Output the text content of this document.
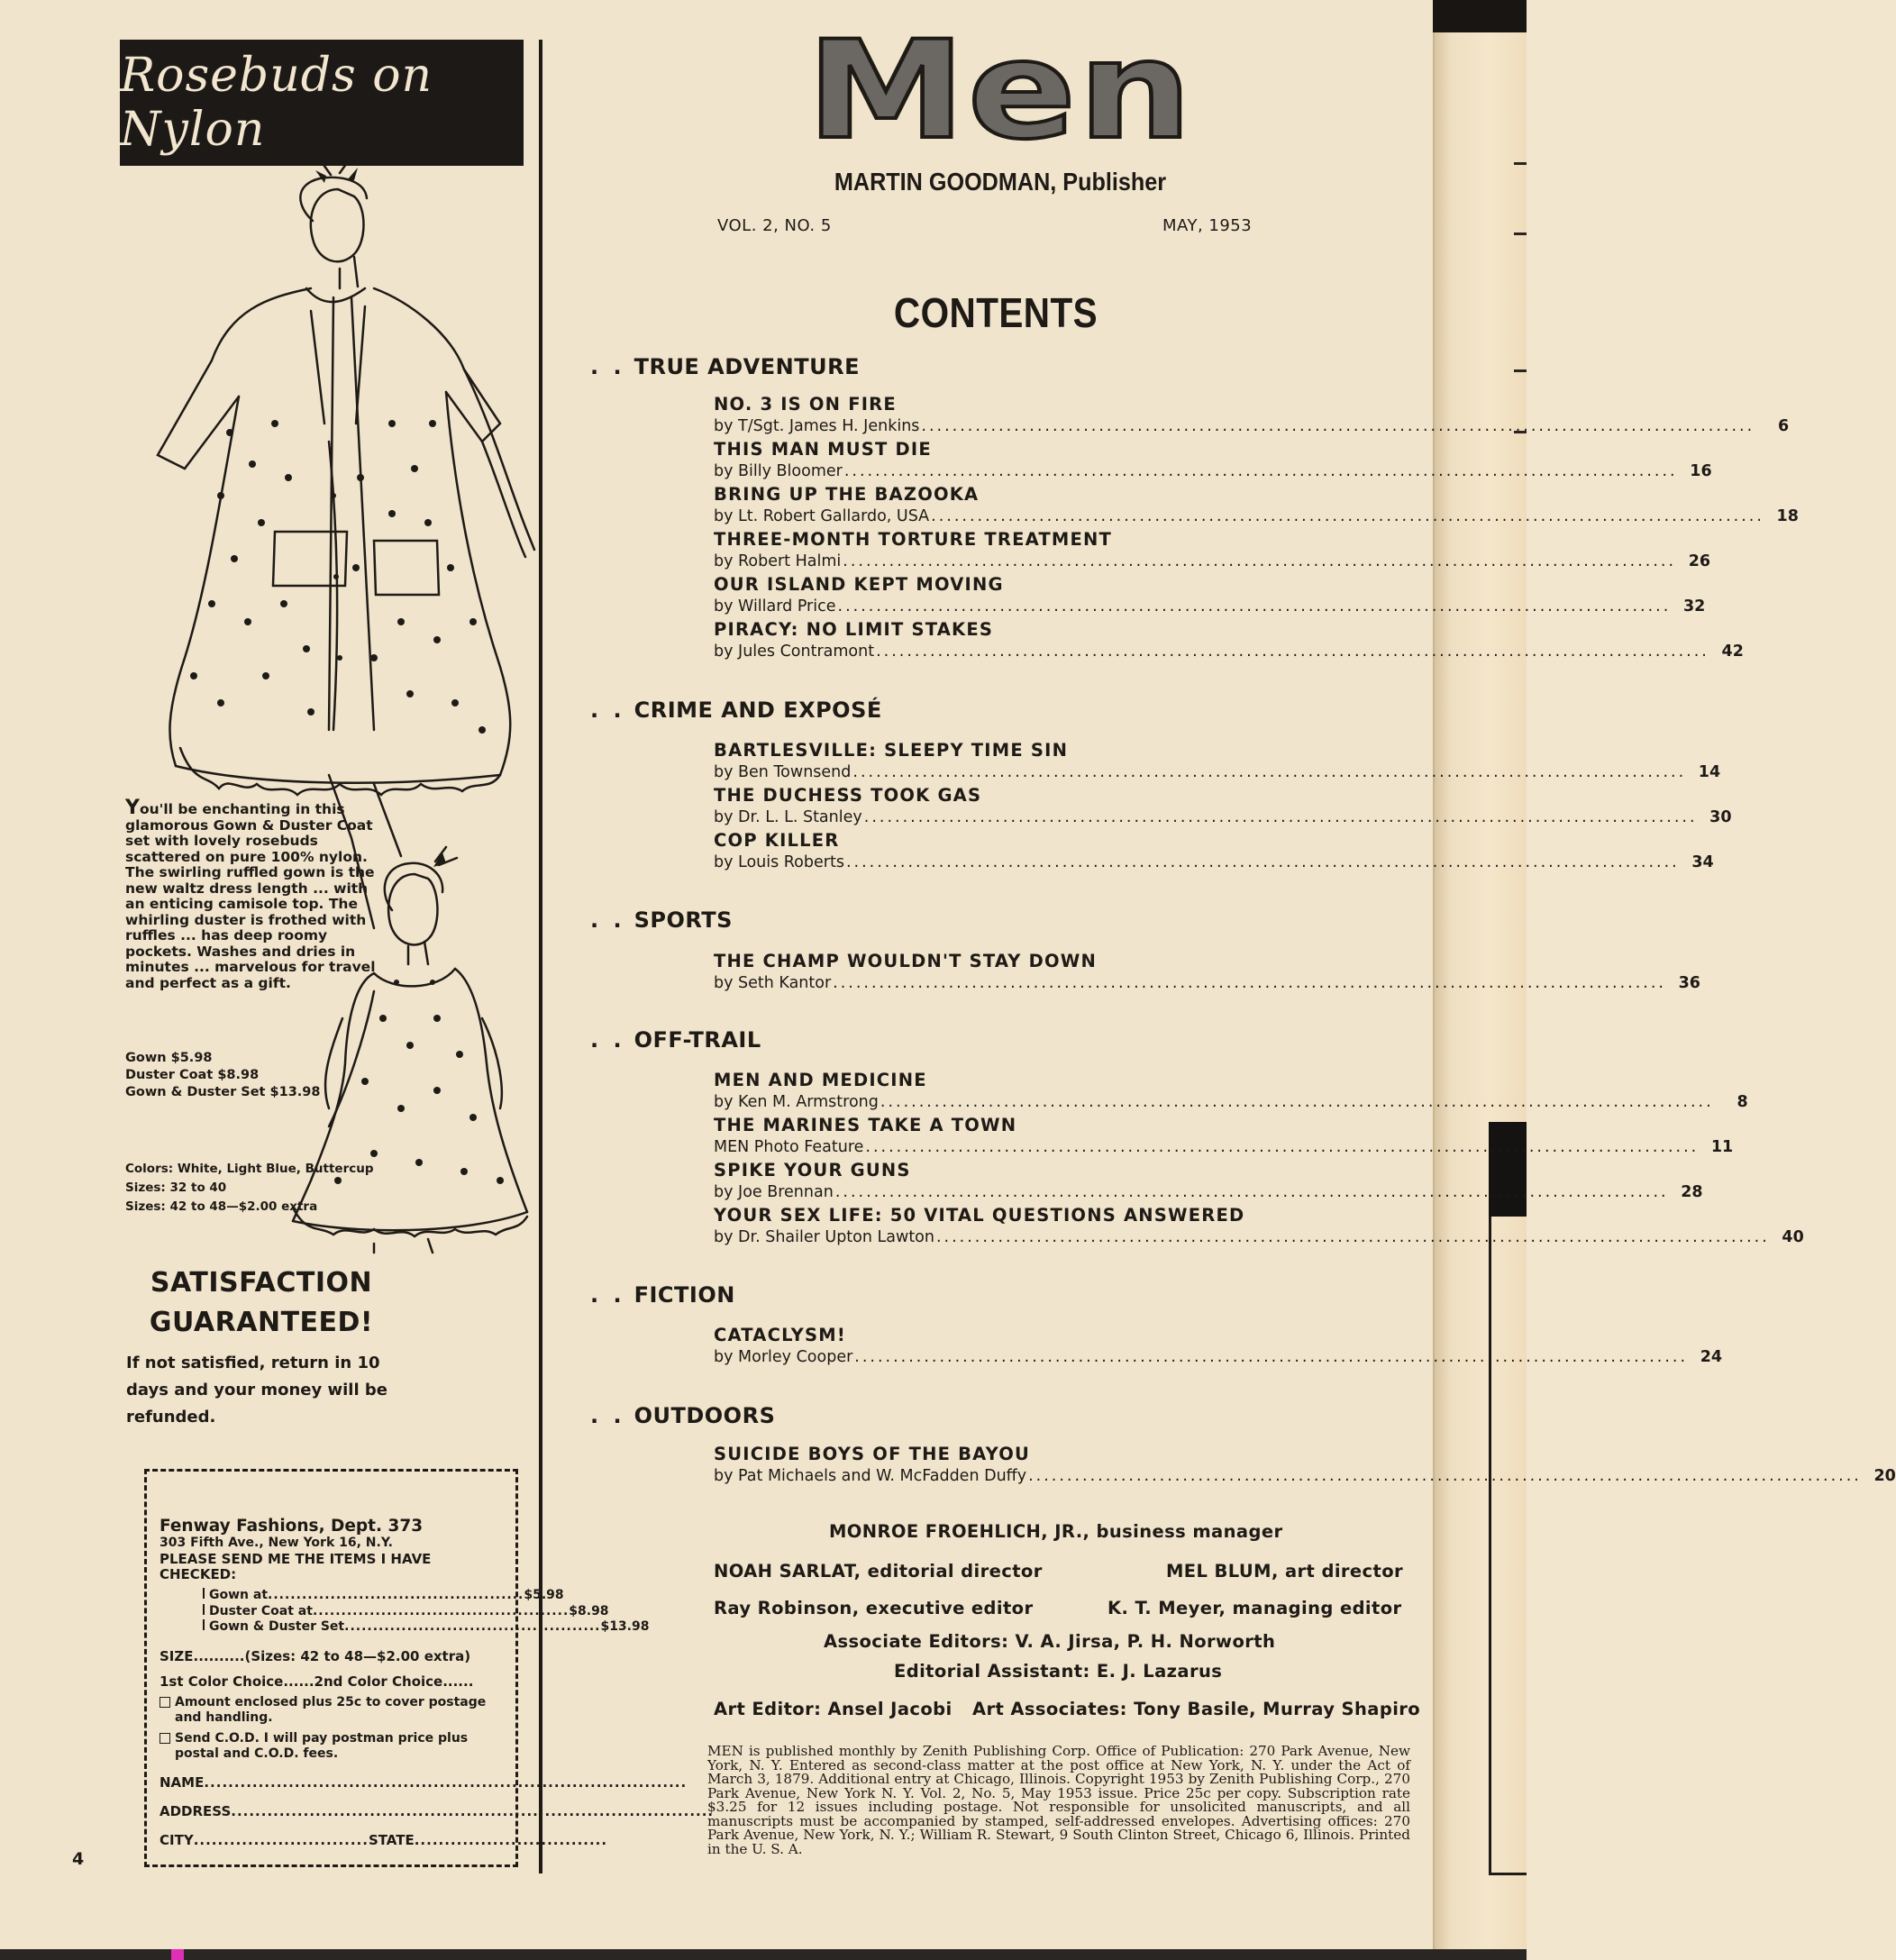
Rosebuds on Nylon
You'll be enchanting in this glamorous Gown & Duster Coat set with lovely rosebuds scattered on pure 100% nylon. The swirling ruffled gown is the new waltz dress length ... with an enticing camisole top. The whirling duster is frothed with ruffles ... has deep roomy pockets. Washes and dries in minutes ... marvelous for travel and perfect as a gift.
Gown $5.98
Duster Coat $8.98
Gown & Duster Set $13.98
Colors: White, Light Blue, Buttercup
Sizes: 32 to 40
Sizes: 42 to 48—$2.00 extra
SATISFACTION
GUARANTEED!
If not satisfied, return in 10 days and your money will be refunded.
Fenway Fashions, Dept. 373
303 Fifth Ave., New York 16, N.Y.
PLEASE SEND ME THE ITEMS I HAVE CHECKED:
Gown at ............................................. $5.98
Duster Coat at ............................................. $8.98
Gown & Duster Set ............................................. $13.98
SIZE..........(Sizes: 42 to 48—$2.00 extra)
1st Color Choice......2nd Color Choice......
Amount enclosed plus 25c to cover postage and handling.
Send C.O.D. I will pay postman price plus postal and C.O.D. fees.
NAME ................................................................................
ADDRESS ................................................................................
CITY ............................. STATE ................................
4
Men
MARTIN GOODMAN, Publisher
VOL. 2, NO. 5	MAY, 1953
CONTENTS
. . TRUE ADVENTURE
NO. 3 IS ON FIRE
by T/Sgt. James H. Jenkins ............................................................................................................	6
THIS MAN MUST DIE
by Billy Bloomer ............................................................................................................ 16
BRING UP THE BAZOOKA
by Lt. Robert Gallardo, USA ............................................................................................................ 18
THREE-MONTH TORTURE TREATMENT
by Robert Halmi ............................................................................................................ 26
OUR ISLAND KEPT MOVING
by Willard Price ............................................................................................................ 32
PIRACY: NO LIMIT STAKES
by Jules Contramont ............................................................................................................ 42
. . CRIME AND EXPOSÉ
BARTLESVILLE: SLEEPY TIME SIN
by Ben Townsend ............................................................................................................ 14
THE DUCHESS TOOK GAS
by Dr. L. L. Stanley ............................................................................................................ 30
COP KILLER
by Louis Roberts ............................................................................................................ 34
. . SPORTS
THE CHAMP WOULDN'T STAY DOWN
by Seth Kantor ............................................................................................................ 36
. . OFF-TRAIL
MEN AND MEDICINE
by Ken M. Armstrong ............................................................................................................	8
THE MARINES TAKE A TOWN
MEN Photo Feature ............................................................................................................ 11
SPIKE YOUR GUNS
by Joe Brennan ............................................................................................................ 28
YOUR SEX LIFE: 50 VITAL QUESTIONS ANSWERED
by Dr. Shailer Upton Lawton ............................................................................................................ 40
. . FICTION
CATACLYSM!
by Morley Cooper ............................................................................................................ 24
. . OUTDOORS
SUICIDE BOYS OF THE BAYOU
by Pat Michaels and W. McFadden Duffy ............................................................................................................ 20
MONROE FROEHLICH, JR., business manager
NOAH SARLAT, editorial director	MEL BLUM, art director
Ray Robinson, executive editor	K. T. Meyer, managing editor
Associate Editors: V. A. Jirsa, P. H. Norworth
Editorial Assistant: E. J. Lazarus
Art Editor: Ansel Jacobi Art Associates: Tony Basile, Murray Shapiro
MEN is published monthly by Zenith Publishing Corp. Office of Publication: 270 Park Avenue, New York, N. Y. Entered as second-class matter at the post office at New York, N. Y. under the Act of March 3, 1879. Additional entry at Chicago, Illinois. Copyright 1953 by Zenith Publishing Corp., 270 Park Avenue, New York N. Y. Vol. 2, No. 5, May 1953 issue. Price 25c per copy. Subscription rate $3.25 for 12 issues including postage. Not responsible for unsolicited manuscripts, and all manuscripts must be accompanied by stamped, self-addressed envelopes. Advertising offices: 270 Park Avenue, New York, N. Y.; William R. Stewart, 9 South Clinton Street, Chicago 6, Illinois. Printed in the U. S. A.
